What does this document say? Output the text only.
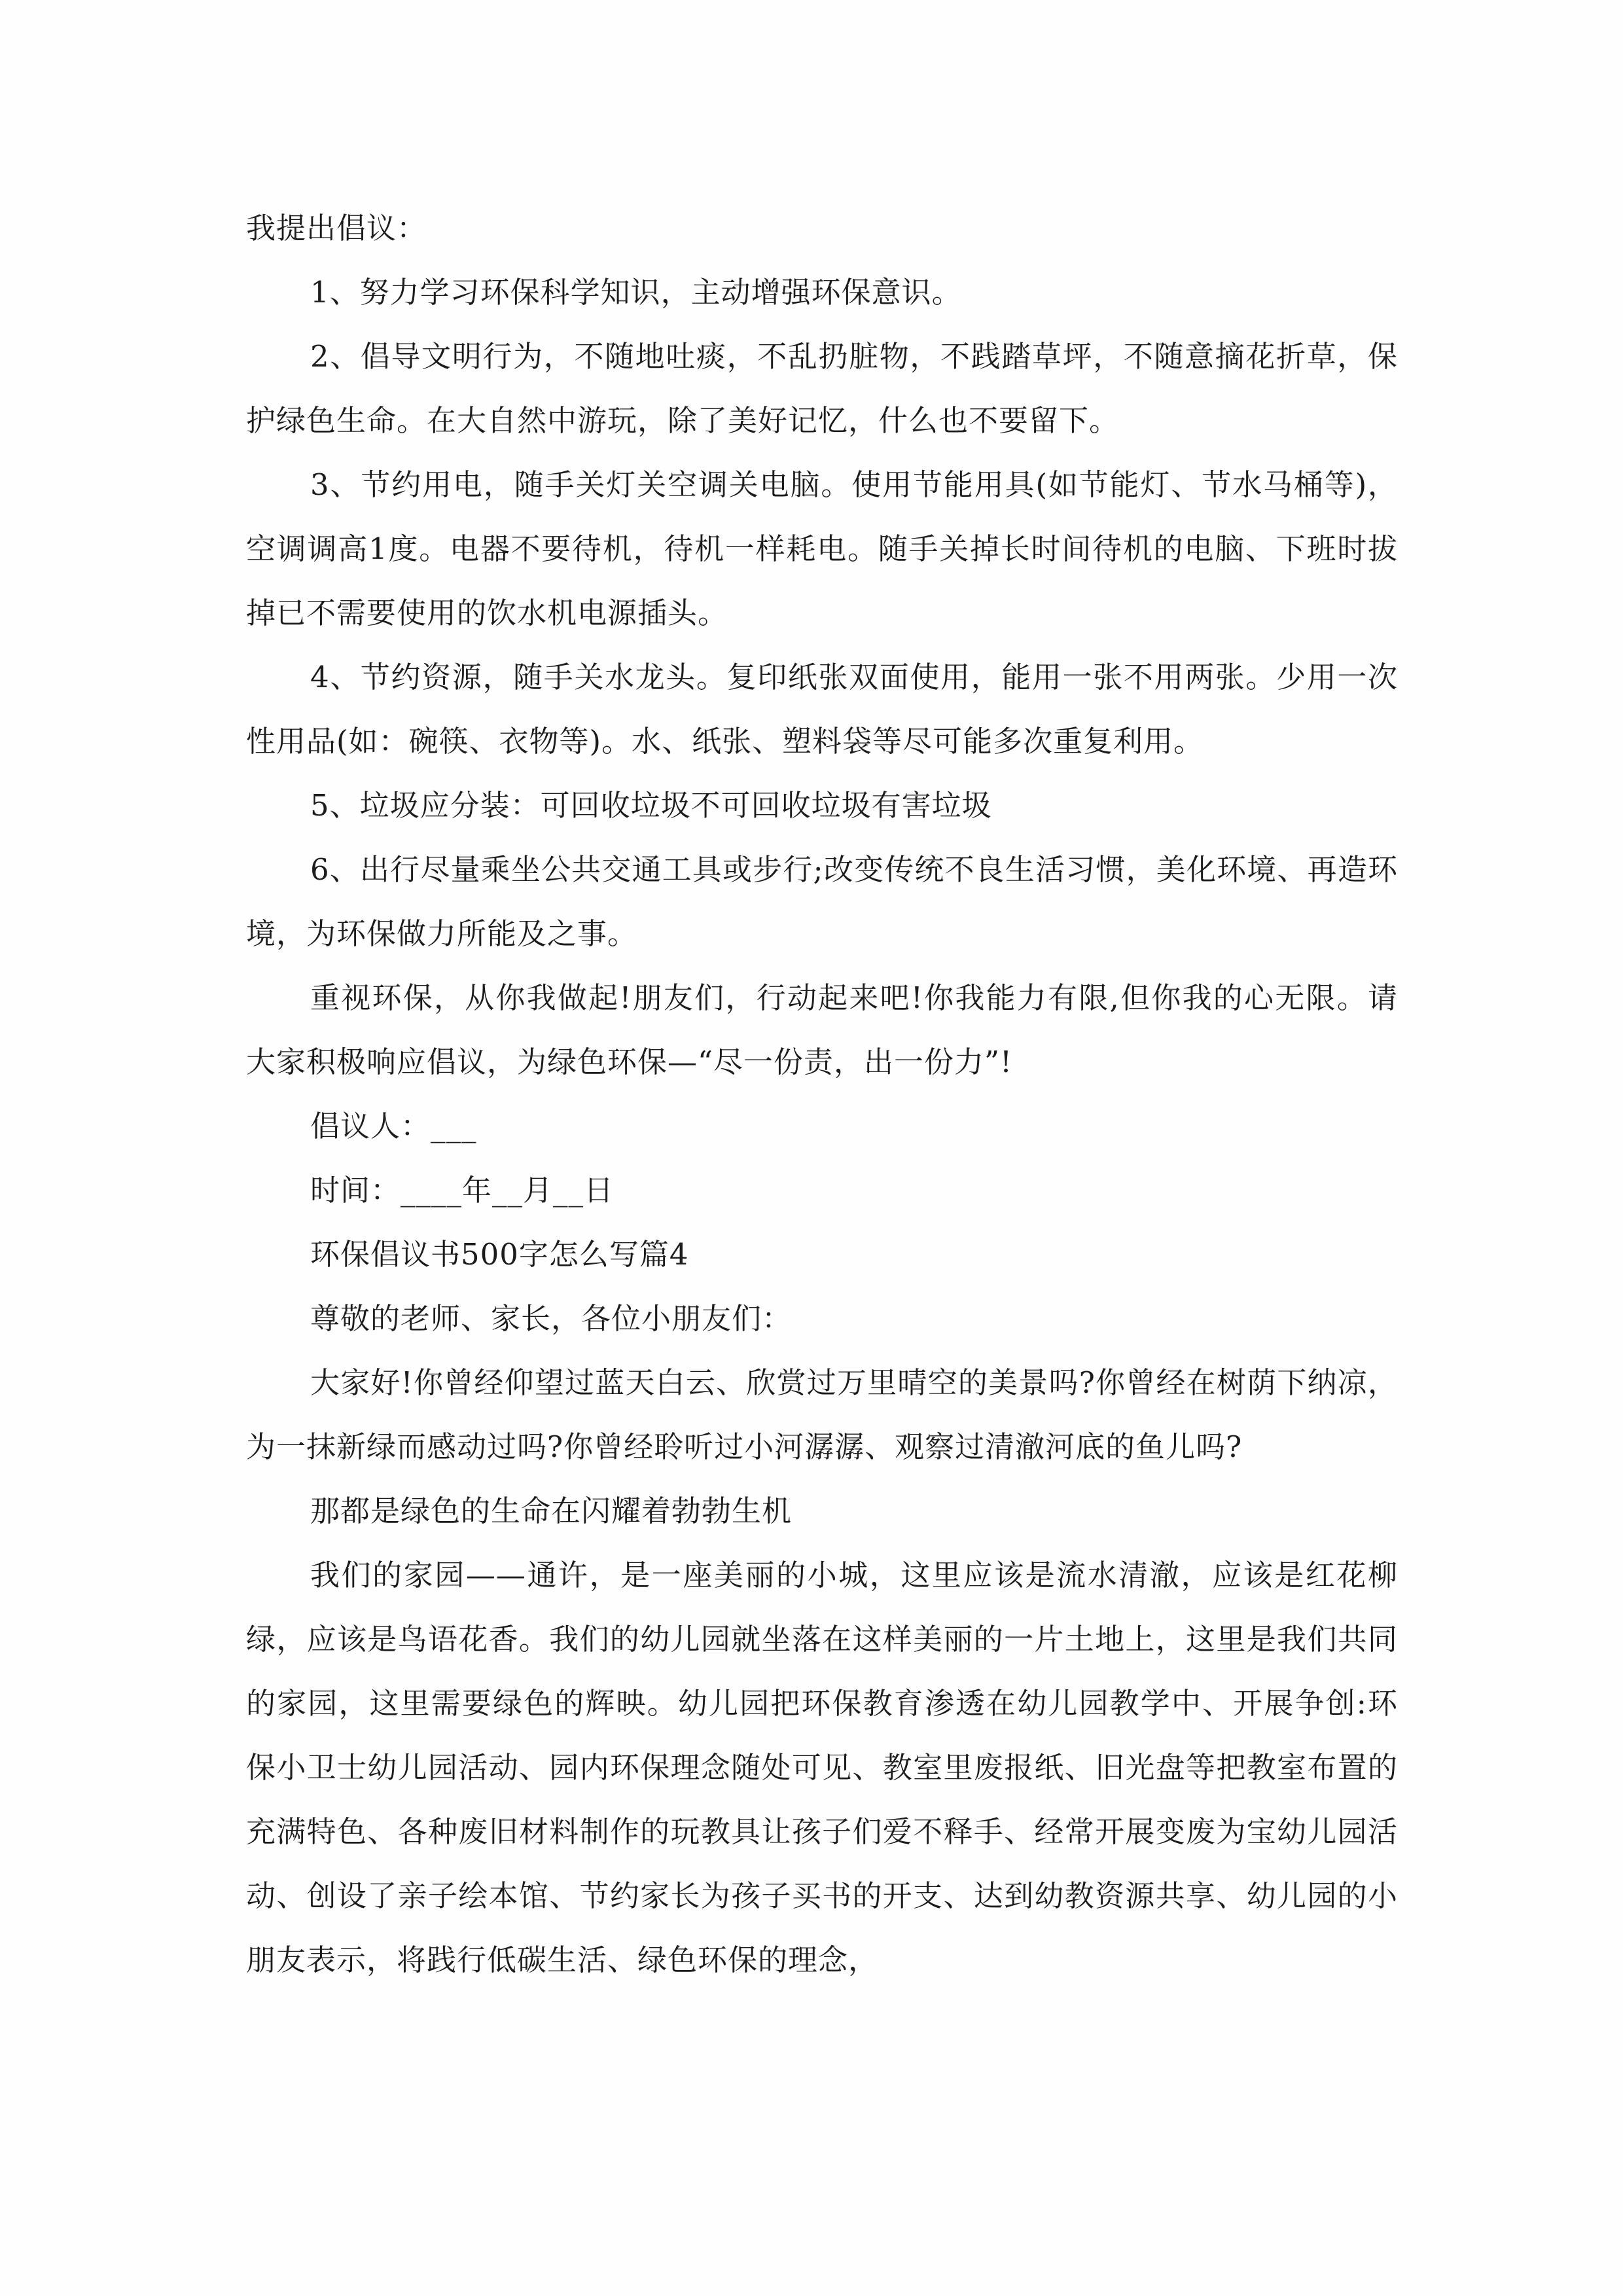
我提出倡议：

1、努力学习环保科学知识，主动增强环保意识。

2、倡导文明行为，不随地吐痰，不乱扔脏物，不践踏草坪，不随意摘花折草，保护绿色生命。在大自然中游玩，除了美好记忆，什么也不要留下。

3、节约用电，随手关灯关空调关电脑。使用节能用具(如节能灯、节水马桶等)，空调调高1度。电器不要待机，待机一样耗电。随手关掉长时间待机的电脑、下班时拔掉已不需要使用的饮水机电源插头。

4、节约资源，随手关水龙头。复印纸张双面使用，能用一张不用两张。少用一次性用品(如：碗筷、衣物等)。水、纸张、塑料袋等尽可能多次重复利用。

5、垃圾应分装：可回收垃圾不可回收垃圾有害垃圾

6、出行尽量乘坐公共交通工具或步行;改变传统不良生活习惯，美化环境、再造环境，为环保做力所能及之事。

重视环保，从你我做起!朋友们，行动起来吧!你我能力有限,但你我的心无限。请大家积极响应倡议，为绿色环保—“尽一份责，出一份力”!

倡议人：___

时间：____年__月__日

环保倡议书500字怎么写篇4

尊敬的老师、家长，各位小朋友们：

大家好!你曾经仰望过蓝天白云、欣赏过万里晴空的美景吗?你曾经在树荫下纳凉，为一抹新绿而感动过吗?你曾经聆听过小河潺潺、观察过清澈河底的鱼儿吗?

那都是绿色的生命在闪耀着勃勃生机

我们的家园——通许，是一座美丽的小城，这里应该是流水清澈，应该是红花柳绿，应该是鸟语花香。我们的幼儿园就坐落在这样美丽的一片土地上，这里是我们共同的家园，这里需要绿色的辉映。幼儿园把环保教育渗透在幼儿园教学中、开展争创:环保小卫士幼儿园活动、园内环保理念随处可见、教室里废报纸、旧光盘等把教室布置的充满特色、各种废旧材料制作的玩教具让孩子们爱不释手、经常开展变废为宝幼儿园活动、创设了亲子绘本馆、节约家长为孩子买书的开支、达到幼教资源共享、幼儿园的小朋友表示，将践行低碳生活、绿色环保的理念，
